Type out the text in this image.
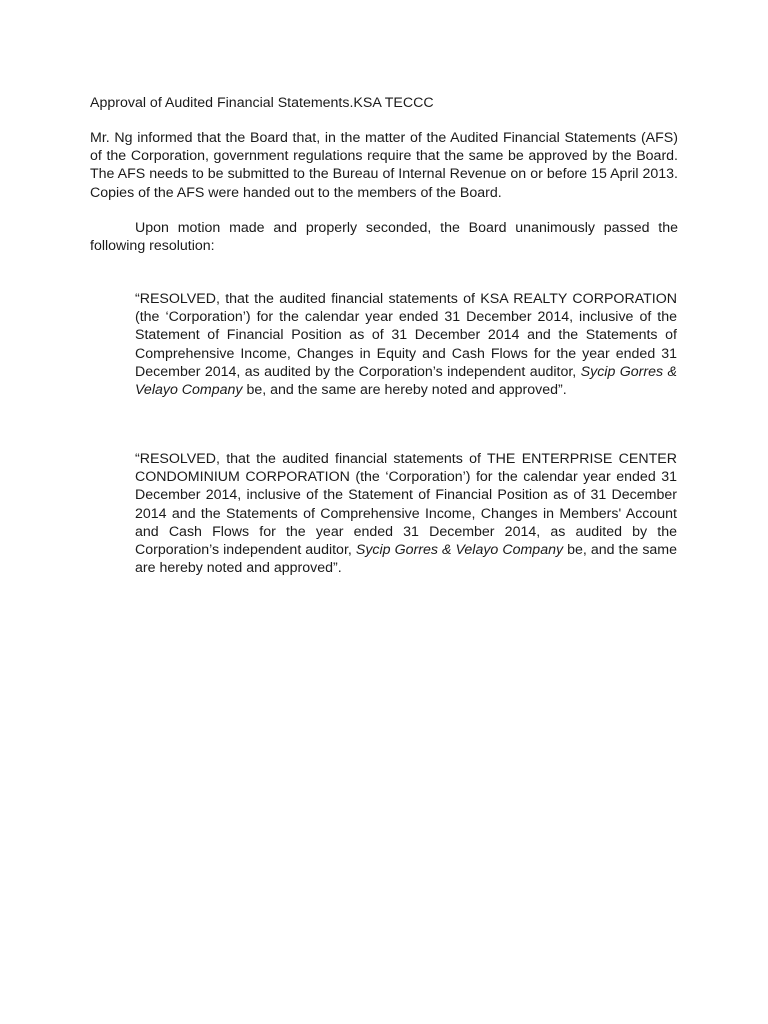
Approval of Audited Financial Statements.KSA TECCC

Mr. Ng informed that the Board that, in the matter of the Audited Financial Statements (AFS) of the Corporation, government regulations require that the same be approved by the Board. The AFS needs to be submitted to the Bureau of Internal Revenue on or before 15 April 2013. Copies of the AFS were handed out to the members of the Board.

Upon motion made and properly seconded, the Board unanimously passed the following resolution:

“RESOLVED, that the audited financial statements of KSA REALTY CORPORATION (the ‘Corporation’) for the calendar year ended 31 December 2014, inclusive of the Statement of Financial Position as of 31 December 2014 and the Statements of Comprehensive Income, Changes in Equity and Cash Flows for the year ended 31 December 2014, as audited by the Corporation’s independent auditor, Sycip Gorres & Velayo Company be, and the same are hereby noted and approved”.

“RESOLVED, that the audited financial statements of THE ENTERPRISE CENTER CONDOMINIUM CORPORATION (the ‘Corporation’) for the calendar year ended 31 December 2014, inclusive of the Statement of Financial Position as of 31 December 2014 and the Statements of Comprehensive Income, Changes in Members' Account and Cash Flows for the year ended 31 December 2014, as audited by the Corporation’s independent auditor, Sycip Gorres & Velayo Company be, and the same are hereby noted and approved”.
